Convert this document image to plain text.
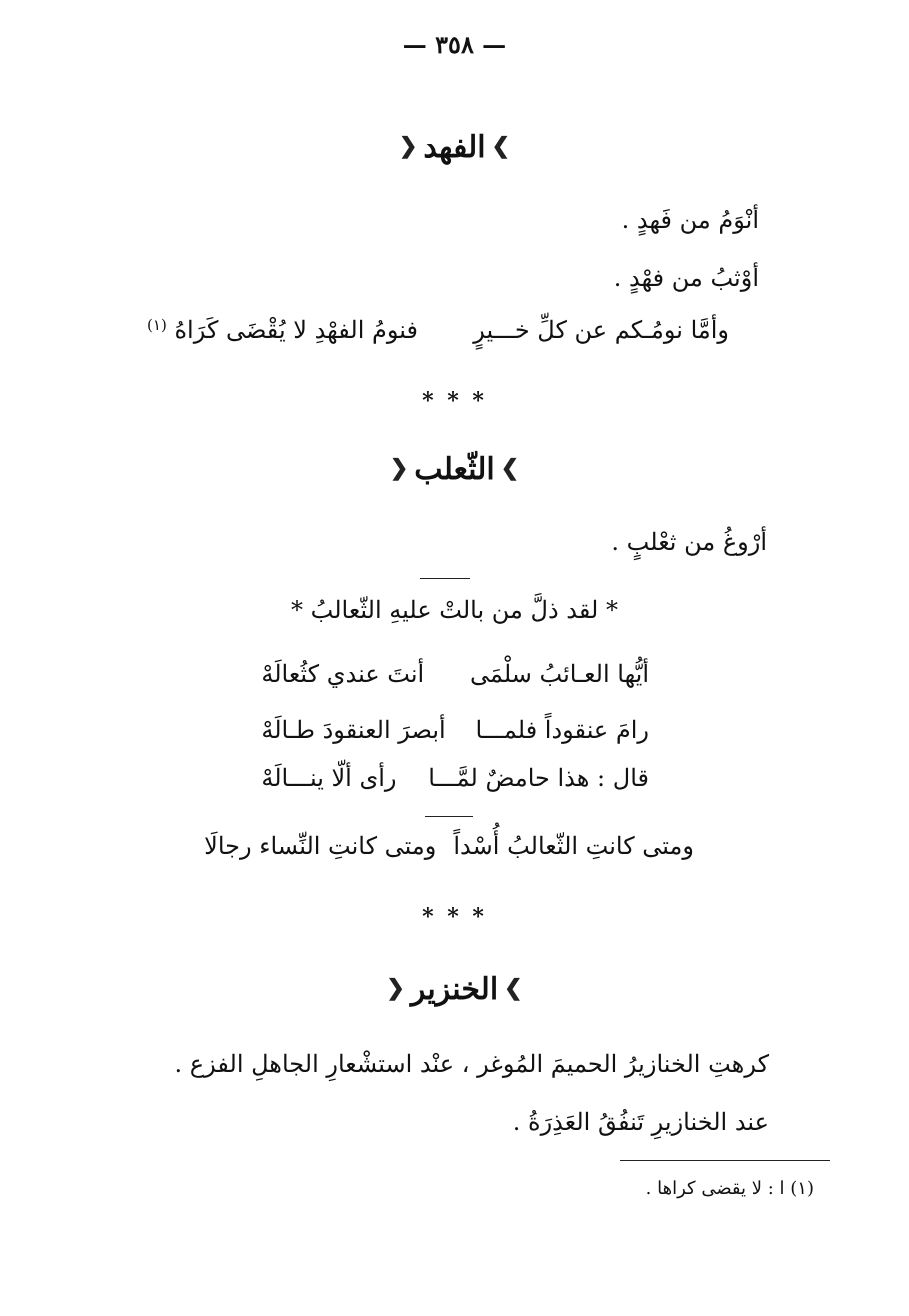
— ٣٥٨ —
❯الفهد❮
أنْوَمُ من فَهدٍ .
أوْثبُ من فهْدٍ .
وأمَّا نومُـكم عن كلِّ خـــيرٍ  فنومُ الفهْدِ لا يُقْضَى كَرَاهُ $^{(١)}$
* * *
❯الثّعلب❮
أرْوغُ من ثعْلبٍ .
* لقد ذلَّ من بالتْ عليهِ الثّعالبُ *
أيُّها العـائبُ سلْمَى أنتَ عندي كثُعالَهْ
رامَ عنقوداً فلمـــا أبصرَ العنقودَ طـالَهْ
قال : هذا حامضٌ لمَّـــا رأى ألّا ينـــالَهْ
ومتى كانتِ الثّعالبُ أُسْداً ومتى كانتِ النِّساء رجالَا
* * *
❯الخنزير❮
كرهتِ الخنازيرُ الحميمَ المُوغر ، عنْد استشْعارِ الجاهلِ الفزع .
عند الخنازيرِ تَنفُقُ العَذِرَةُ .
(١) ا : لا يقضى كراها .
